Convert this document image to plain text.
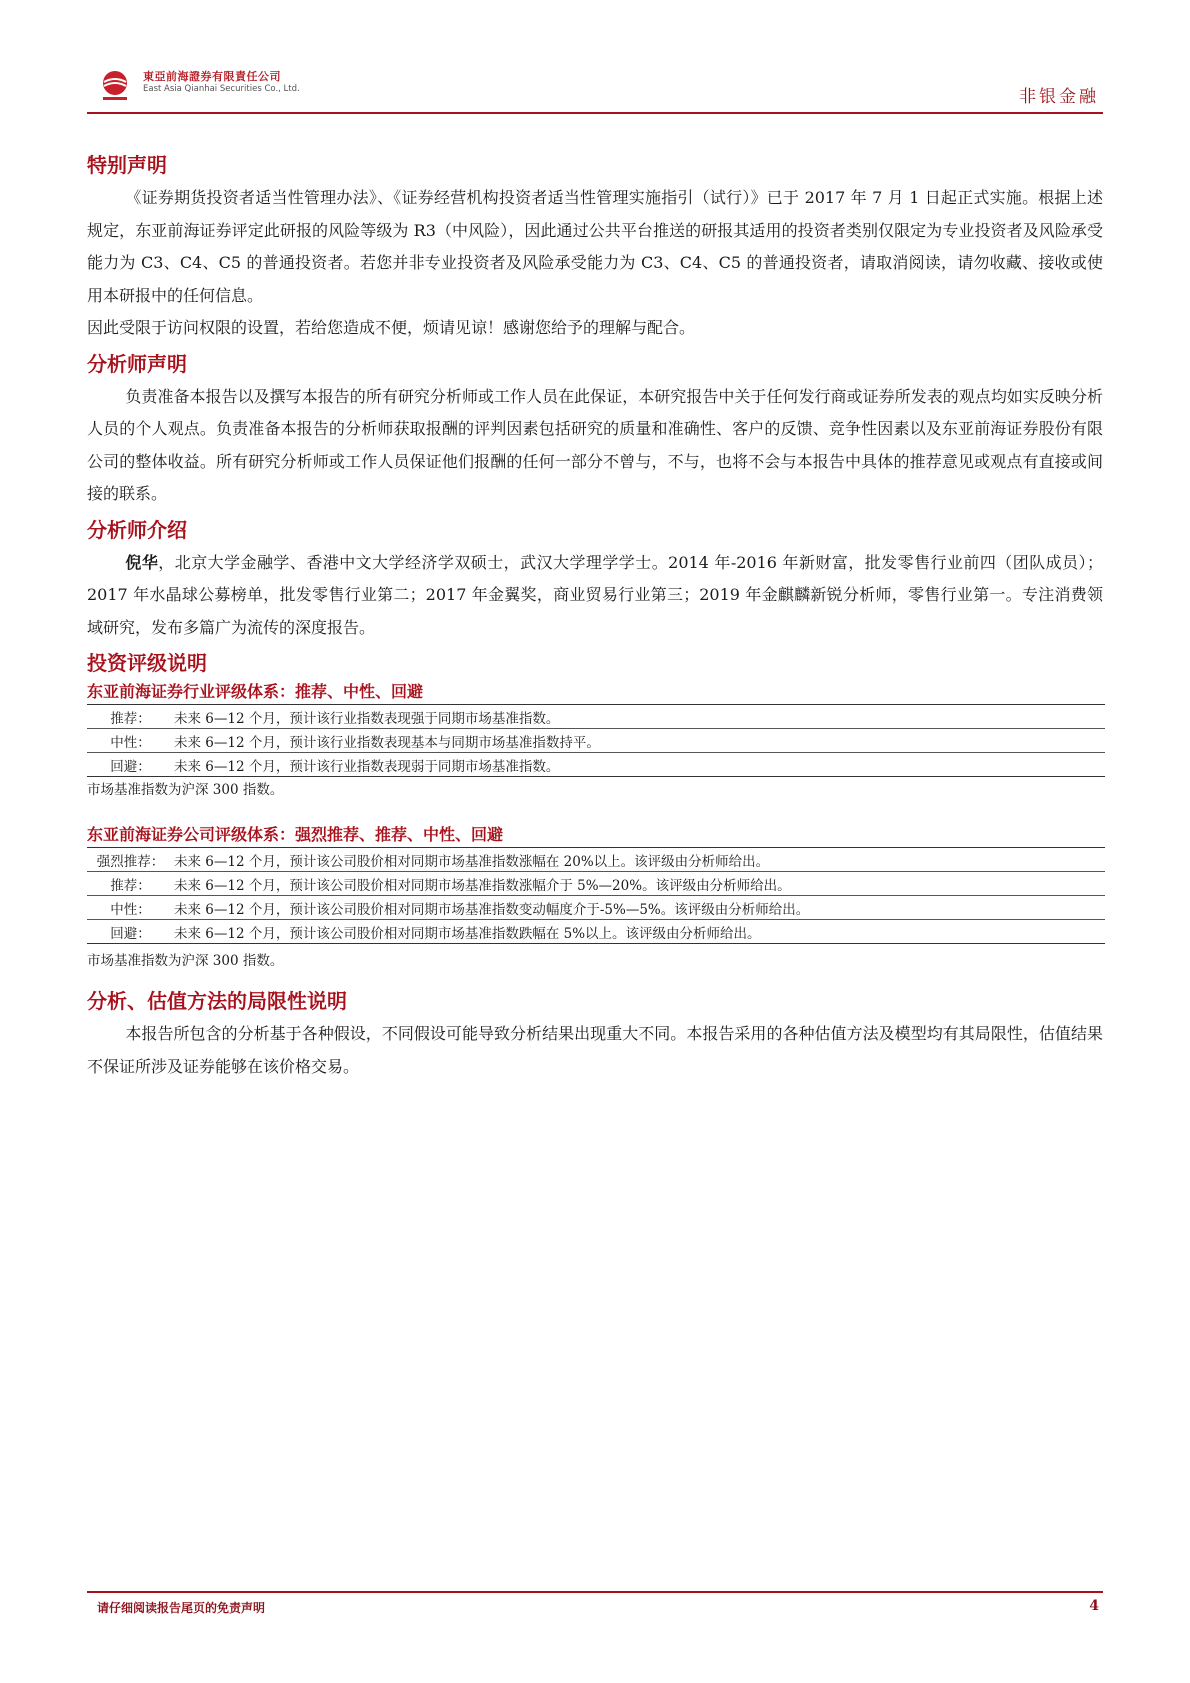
東亞前海證券有限責任公司
East Asia Qianhai Securities Co., Ltd.	非银金融
特别声明

《证券期货投资者适当性管理办法》、《证券经营机构投资者适当性管理实施指引（试行）》已于 2017 年 7 月 1 日起正式实施。根据上述规定，东亚前海证券评定此研报的风险等级为 R3（中风险），因此通过公共平台推送的研报其适用的投资者类别仅限定为专业投资者及风险承受能力为 C3、C4、C5 的普通投资者。若您并非专业投资者及风险承受能力为 C3、C4、C5 的普通投资者，请取消阅读，请勿收藏、接收或使用本研报中的任何信息。

因此受限于访问权限的设置，若给您造成不便，烦请见谅！感谢您给予的理解与配合。

分析师声明

负责准备本报告以及撰写本报告的所有研究分析师或工作人员在此保证，本研究报告中关于任何发行商或证券所发表的观点均如实反映分析人员的个人观点。负责准备本报告的分析师获取报酬的评判因素包括研究的质量和准确性、客户的反馈、竞争性因素以及东亚前海证券股份有限公司的整体收益。所有研究分析师或工作人员保证他们报酬的任何一部分不曾与，不与，也将不会与本报告中具体的推荐意见或观点有直接或间接的联系。

分析师介绍

倪华，北京大学金融学、香港中文大学经济学双硕士，武汉大学理学学士。2014 年-2016 年新财富，批发零售行业前四（团队成员）；2017 年水晶球公募榜单，批发零售行业第二；2017 年金翼奖，商业贸易行业第三；2019 年金麒麟新锐分析师，零售行业第一。专注消费领域研究，发布多篇广为流传的深度报告。

投资评级说明
东亚前海证券行业评级体系：推荐、中性、回避
推荐：	未来 6—12 个月，预计该行业指数表现强于同期市场基准指数。
中性：	未来 6—12 个月，预计该行业指数表现基本与同期市场基准指数持平。
回避：	未来 6—12 个月，预计该行业指数表现弱于同期市场基准指数。
市场基准指数为沪深 300 指数。
东亚前海证券公司评级体系：强烈推荐、推荐、中性、回避
强烈推荐：	未来 6—12 个月，预计该公司股价相对同期市场基准指数涨幅在 20%以上。该评级由分析师给出。
推荐：	未来 6—12 个月，预计该公司股价相对同期市场基准指数涨幅介于 5%—20%。该评级由分析师给出。
中性：	未来 6—12 个月，预计该公司股价相对同期市场基准指数变动幅度介于-5%—5%。该评级由分析师给出。
回避：	未来 6—12 个月，预计该公司股价相对同期市场基准指数跌幅在 5%以上。该评级由分析师给出。
市场基准指数为沪深 300 指数。
分析、估值方法的局限性说明

本报告所包含的分析基于各种假设，不同假设可能导致分析结果出现重大不同。本报告采用的各种估值方法及模型均有其局限性，估值结果不保证所涉及证券能够在该价格交易。

请仔细阅读报告尾页的免责声明	4
